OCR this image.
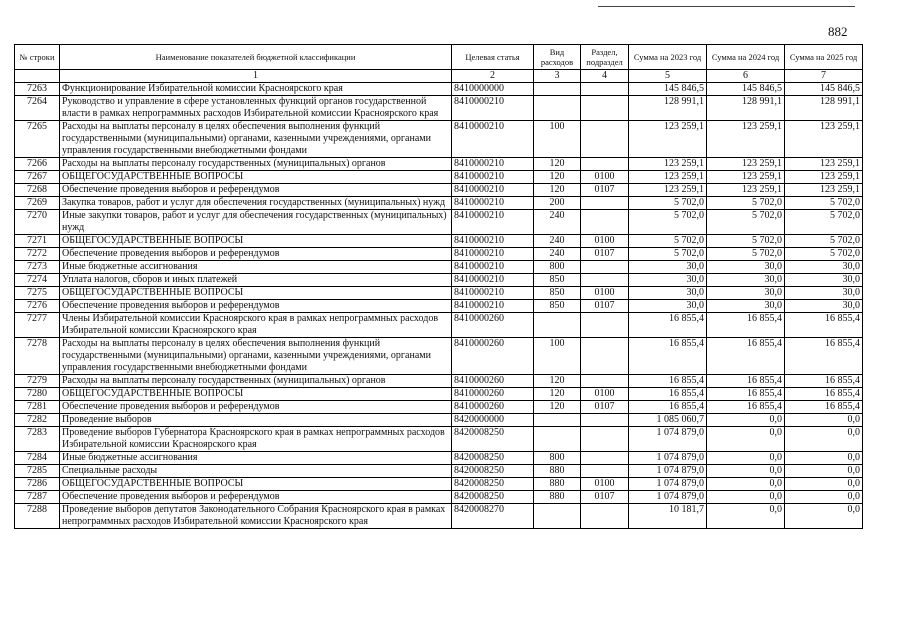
882
№ строки	Наименование показателей бюджетной классификации	Целевая статья	Вид расходов	Раздел, подраздел	Сумма на 2023 год	Сумма на 2024 год	Сумма на 2025 год
	1	2	3	4	5	6	7
7263	Функционирование Избирательной комиссии Красноярского края	8410000000			145 846,5	145 846,5	145 846,5
7264	Руководство и управление в сфере установленных функций органов государственной власти в рамках непрограммных расходов Избирательной комиссии Красноярского края	8410000210			128 991,1	128 991,1	128 991,1
7265	Расходы на выплаты персоналу в целях обеспечения выполнения функций государственными (муниципальными) органами, казенными учреждениями, органами управления государственными внебюджетными фондами	8410000210	100		123 259,1	123 259,1	123 259,1
7266	Расходы на выплаты персоналу государственных (муниципальных) органов	8410000210	120		123 259,1	123 259,1	123 259,1
7267	ОБЩЕГОСУДАРСТВЕННЫЕ ВОПРОСЫ	8410000210	120	0100	123 259,1	123 259,1	123 259,1
7268	Обеспечение проведения выборов и референдумов	8410000210	120	0107	123 259,1	123 259,1	123 259,1
7269	Закупка товаров, работ и услуг для обеспечения государственных (муниципальных) нужд	8410000210	200		5 702,0	5 702,0	5 702,0
7270	Иные закупки товаров, работ и услуг для обеспечения государственных (муниципальных) нужд	8410000210	240		5 702,0	5 702,0	5 702,0
7271	ОБЩЕГОСУДАРСТВЕННЫЕ ВОПРОСЫ	8410000210	240	0100	5 702,0	5 702,0	5 702,0
7272	Обеспечение проведения выборов и референдумов	8410000210	240	0107	5 702,0	5 702,0	5 702,0
7273	Иные бюджетные ассигнования	8410000210	800		30,0	30,0	30,0
7274	Уплата налогов, сборов и иных платежей	8410000210	850		30,0	30,0	30,0
7275	ОБЩЕГОСУДАРСТВЕННЫЕ ВОПРОСЫ	8410000210	850	0100	30,0	30,0	30,0
7276	Обеспечение проведения выборов и референдумов	8410000210	850	0107	30,0	30,0	30,0
7277	Члены Избирательной комиссии Красноярского края в рамках непрограммных расходов Избирательной комиссии Красноярского края	8410000260			16 855,4	16 855,4	16 855,4
7278	Расходы на выплаты персоналу в целях обеспечения выполнения функций государственными (муниципальными) органами, казенными учреждениями, органами управления государственными внебюджетными фондами	8410000260	100		16 855,4	16 855,4	16 855,4
7279	Расходы на выплаты персоналу государственных (муниципальных) органов	8410000260	120		16 855,4	16 855,4	16 855,4
7280	ОБЩЕГОСУДАРСТВЕННЫЕ ВОПРОСЫ	8410000260	120	0100	16 855,4	16 855,4	16 855,4
7281	Обеспечение проведения выборов и референдумов	8410000260	120	0107	16 855,4	16 855,4	16 855,4
7282	Проведение выборов	8420000000			1 085 060,7	0,0	0,0
7283	Проведение выборов Губернатора Красноярского края в рамках непрограммных расходов Избирательной комиссии Красноярского края	8420008250			1 074 879,0	0,0	0,0
7284	Иные бюджетные ассигнования	8420008250	800		1 074 879,0	0,0	0,0
7285	Специальные расходы	8420008250	880		1 074 879,0	0,0	0,0
7286	ОБЩЕГОСУДАРСТВЕННЫЕ ВОПРОСЫ	8420008250	880	0100	1 074 879,0	0,0	0,0
7287	Обеспечение проведения выборов и референдумов	8420008250	880	0107	1 074 879,0	0,0	0,0
7288	Проведение выборов депутатов Законодательного Собрания Красноярского края в рамках непрограммных расходов Избирательной комиссии Красноярского края	8420008270			10 181,7	0,0	0,0
